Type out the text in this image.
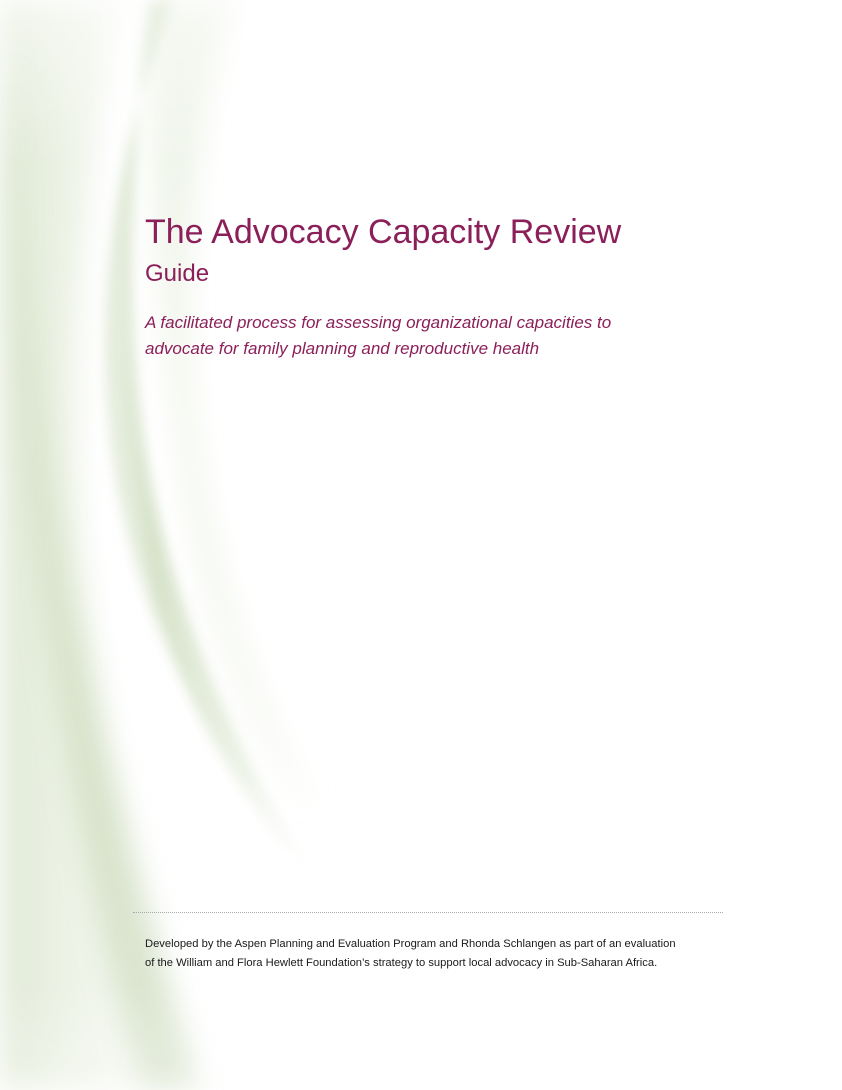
The Advocacy Capacity Review
Guide
A facilitated process for assessing organizational capacities to
advocate for family planning and reproductive health
Developed by the Aspen Planning and Evaluation Program and Rhonda Schlangen as part of an evaluation
of the William and Flora Hewlett Foundation’s strategy to support local advocacy in Sub-Saharan Africa.
